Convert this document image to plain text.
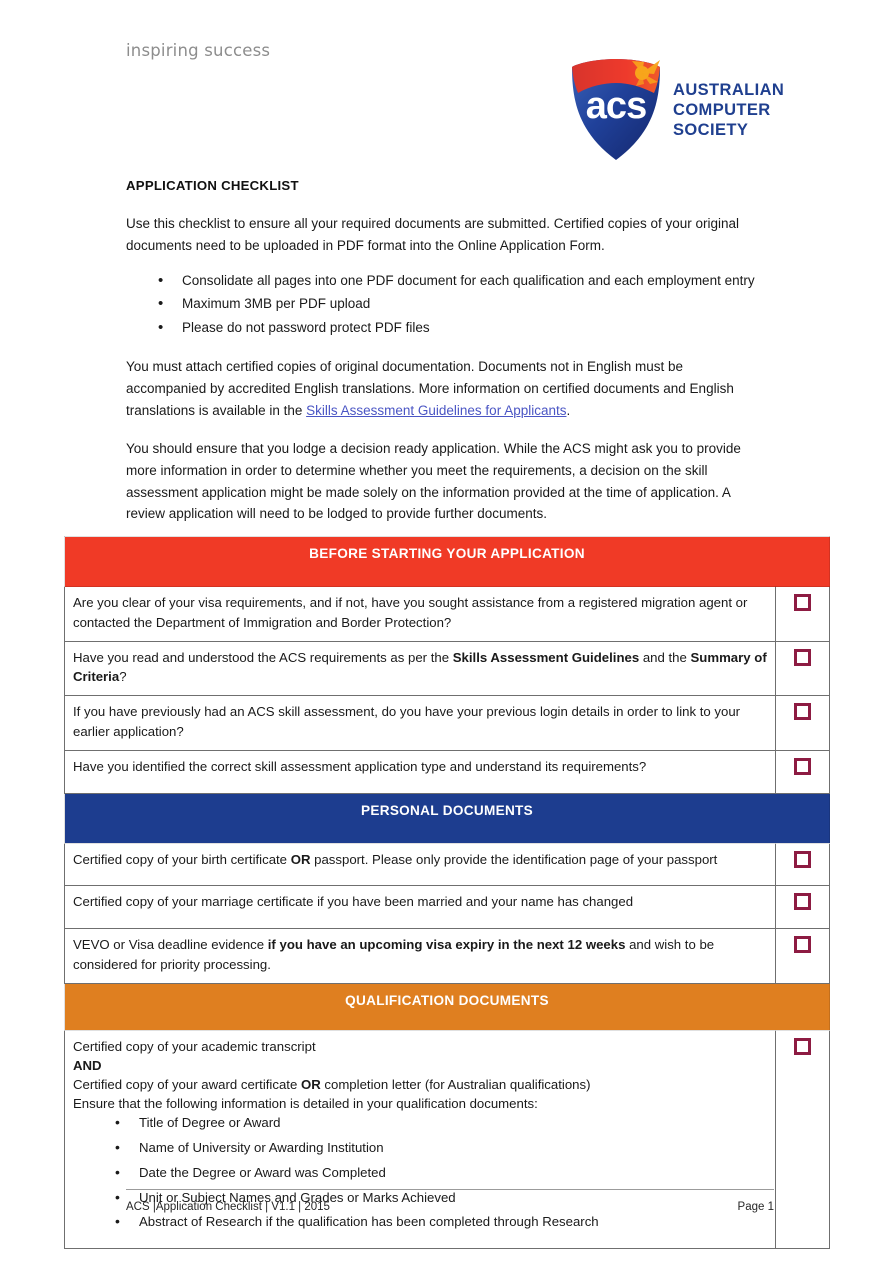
inspiring success
acs AUSTRALIAN
COMPUTER
SOCIETY
APPLICATION CHECKLIST

Use this checklist to ensure all your required documents are submitted. Certified copies of your original documents need to be uploaded in PDF format into the Online Application Form.

• Consolidate all pages into one PDF document for each qualification and each employment entry
• Maximum 3MB per PDF upload
• Please do not password protect PDF files

You must attach certified copies of original documentation. Documents not in English must be accompanied by accredited English translations. More information on certified documents and English translations is available in the Skills Assessment Guidelines for Applicants.

You should ensure that you lodge a decision ready application. While the ACS might ask you to provide more information in order to determine whether you meet the requirements, a decision on the skill assessment application might be made solely on the information provided at the time of application. A review application will need to be lodged to provide further documents.

BEFORE STARTING YOUR APPLICATION	
Are you clear of your visa requirements, and if not, have you sought assistance from a registered migration agent or contacted the Department of Immigration and Border Protection?	
Have you read and understood the ACS requirements as per the Skills Assessment Guidelines and the Summary of Criteria?	
If you have previously had an ACS skill assessment, do you have your previous login details in order to link to your earlier application?	
Have you identified the correct skill assessment application type and understand its requirements?	
PERSONAL DOCUMENTS	
Certified copy of your birth certificate OR passport. Please only provide the identification page of your passport	
Certified copy of your marriage certificate if you have been married and your name has changed	
VEVO or Visa deadline evidence if you have an upcoming visa expiry in the next 12 weeks and wish to be considered for priority processing.	
QUALIFICATION DOCUMENTS	

Certified copy of your academic transcript
AND
Certified copy of your award certificate OR completion letter (for Australian qualifications)
Ensure that the following information is detailed in your qualification documents:
• Title of Degree or Award
• Name of University or Awarding Institution
• Date the Degree or Award was Completed
• Unit or Subject Names and Grades or Marks Achieved
• Abstract of Research if the qualification has been completed through Research

ACS |Application Checklist | V1.1 | 2015	Page 1
